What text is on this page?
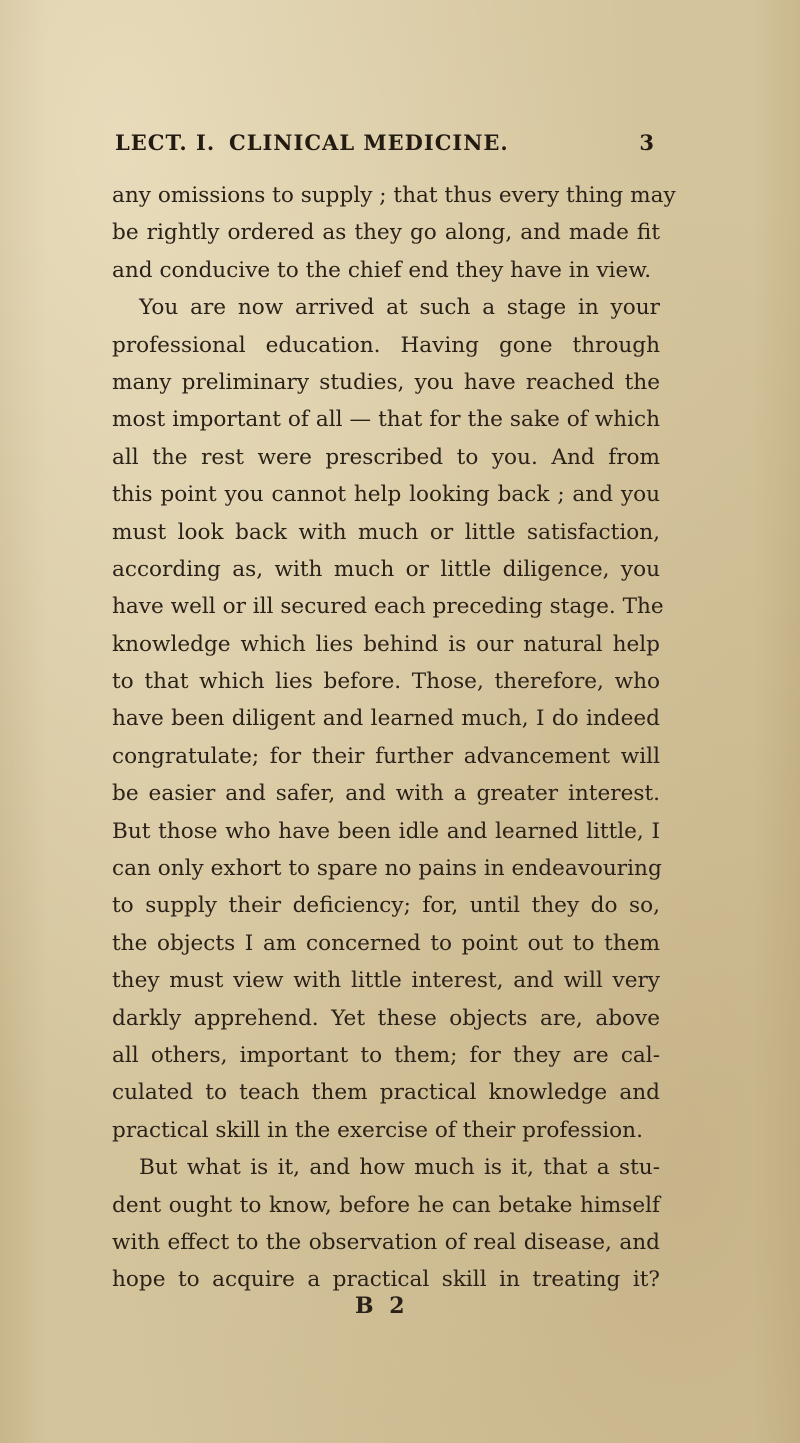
LECT. I. CLINICAL MEDICINE.	3
any omissions to supply ; that thus every thing may
be rightly ordered as they go along, and made fit
and conducive to the chief end they have in view.
You are now arrived at such a stage in your
professional education. Having gone through
many preliminary studies, you have reached the
most important of all — that for the sake of which
all the rest were prescribed to you. And from
this point you cannot help looking back ; and you
must look back with much or little satisfaction,
according as, with much or little diligence, you
have well or ill secured each preceding stage. The
knowledge which lies behind is our natural help
to that which lies before. Those, therefore, who
have been diligent and learned much, I do indeed
congratulate; for their further advancement will
be easier and safer, and with a greater interest.
But those who have been idle and learned little, I
can only exhort to spare no pains in endeavouring
to supply their deficiency; for, until they do so,
the objects I am concerned to point out to them
they must view with little interest, and will very
darkly apprehend. Yet these objects are, above
all others, important to them; for they are cal-
culated to teach them practical knowledge and
practical skill in the exercise of their profession.
But what is it, and how much is it, that a stu-
dent ought to know, before he can betake himself
with effect to the observation of real disease, and
hope to acquire a practical skill in treating it?
B 2
